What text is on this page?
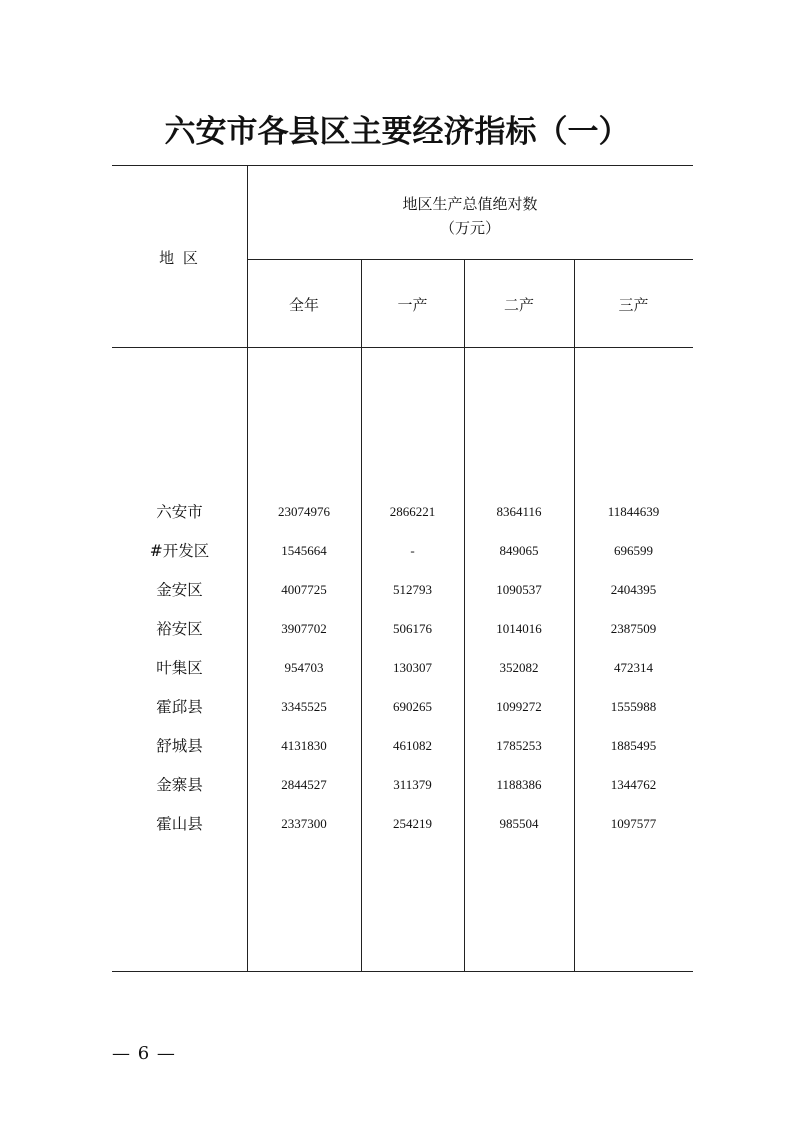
六安市各县区主要经济指标（一）
地 区
地区生产总值绝对数
（万元）
全年	一产	二产	三产
六安市	23074976	2866221	8364116	11844639
#开发区	1545664	-	849065	696599
金安区	4007725	512793	1090537	2404395
裕安区	3907702	506176	1014016	2387509
叶集区	954703	130307	352082	472314
霍邱县	3345525	690265	1099272	1555988
舒城县	4131830	461082	1785253	1885495
金寨县	2844527	311379	1188386	1344762
霍山县	2337300	254219	985504	1097577
— 6 —
